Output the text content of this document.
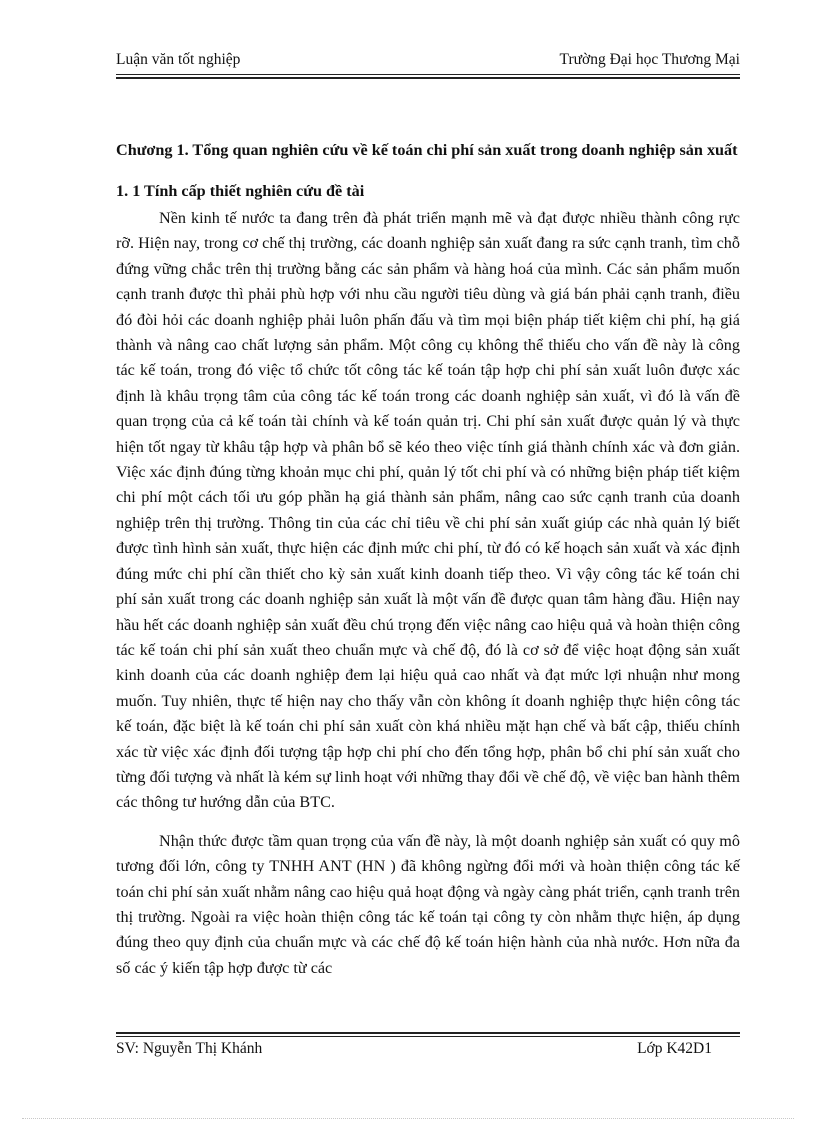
Luận văn tốt nghiệp	Trường Đại học Thương Mại
Chương 1. Tổng quan nghiên cứu về kế toán chi phí sản xuất trong doanh nghiệp sản xuất
1. 1 Tính cấp thiết nghiên cứu đề tài

Nền kinh tế nước ta đang trên đà phát triển mạnh mẽ và đạt được nhiều thành công rực rỡ. Hiện nay, trong cơ chế thị trường, các doanh nghiệp sản xuất đang ra sức cạnh tranh, tìm chỗ đứng vững chắc trên thị trường bằng các sản phẩm và hàng hoá của mình. Các sản phẩm muốn cạnh tranh được thì phải phù hợp với nhu cầu người tiêu dùng và giá bán phải cạnh tranh, điều đó đòi hỏi các doanh nghiệp phải luôn phấn đấu và tìm mọi biện pháp tiết kiệm chi phí, hạ giá thành và nâng cao chất lượng sản phẩm. Một công cụ không thể thiếu cho vấn đề này là công tác kế toán, trong đó việc tổ chức tốt công tác kế toán tập hợp chi phí sản xuất luôn được xác định là khâu trọng tâm của công tác kế toán trong các doanh nghiệp sản xuất, vì đó là vấn đề quan trọng của cả kế toán tài chính và kế toán quản trị. Chi phí sản xuất được quản lý và thực hiện tốt ngay từ khâu tập hợp và phân bổ sẽ kéo theo việc tính giá thành chính xác và đơn giản. Việc xác định đúng từng khoản mục chi phí, quản lý tốt chi phí và có những biện pháp tiết kiệm chi phí một cách tối ưu góp phần hạ giá thành sản phẩm, nâng cao sức cạnh tranh của doanh nghiệp trên thị trường. Thông tin của các chỉ tiêu về chi phí sản xuất giúp các nhà quản lý biết được tình hình sản xuất, thực hiện các định mức chi phí, từ đó có kế hoạch sản xuất và xác định đúng mức chi phí cần thiết cho kỳ sản xuất kinh doanh tiếp theo. Vì vậy công tác kế toán chi phí sản xuất trong các doanh nghiệp sản xuất là một vấn đề được quan tâm hàng đầu. Hiện nay hầu hết các doanh nghiệp sản xuất đều chú trọng đến việc nâng cao hiệu quả và hoàn thiện công tác kế toán chi phí sản xuất theo chuẩn mực và chế độ, đó là cơ sở để việc hoạt động sản xuất kinh doanh của các doanh nghiệp đem lại hiệu quả cao nhất và đạt mức lợi nhuận như mong muốn. Tuy nhiên, thực tế hiện nay cho thấy vẫn còn không ít doanh nghiệp thực hiện công tác kế toán, đặc biệt là kế toán chi phí sản xuất còn khá nhiều mặt hạn chế và bất cập, thiếu chính xác từ việc xác định đối tượng tập hợp chi phí cho đến tổng hợp, phân bổ chi phí sản xuất cho từng đối tượng và nhất là kém sự linh hoạt với những thay đổi về chế độ, về việc ban hành thêm các thông tư hướng dẫn của BTC.

Nhận thức được tầm quan trọng của vấn đề này, là một doanh nghiệp sản xuất có quy mô tương đối lớn, công ty TNHH ANT (HN ) đã không ngừng đổi mới và hoàn thiện công tác kế toán chi phí sản xuất nhằm nâng cao hiệu quả hoạt động và ngày càng phát triển, cạnh tranh trên thị trường. Ngoài ra việc hoàn thiện công tác kế toán tại công ty còn nhằm thực hiện, áp dụng đúng theo quy định của chuẩn mực và các chế độ kế toán hiện hành của nhà nước. Hơn nữa đa số các ý kiến tập hợp được từ các

SV: Nguyễn Thị Khánh	Lớp K42D1
